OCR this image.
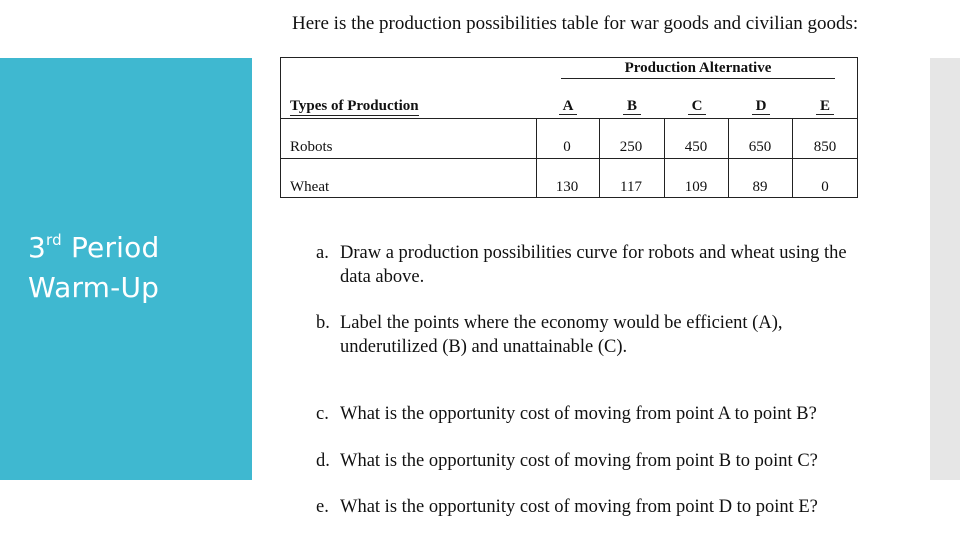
3rd Period
Warm-Up
Here is the production possibilities table for war goods and civilian goods:
Production Alternative
Types of Production	A	B	C	D	E
Robots	0	250	450	650	850
Wheat	130	117	109	89	0
a. Draw a production possibilities curve for robots and wheat using the
data above.
b. Label the points where the economy would be efficient (A),
underutilized (B) and unattainable (C).
c. What is the opportunity cost of moving from point A to point B?
d. What is the opportunity cost of moving from point B to point C?
e. What is the opportunity cost of moving from point D to point E?
